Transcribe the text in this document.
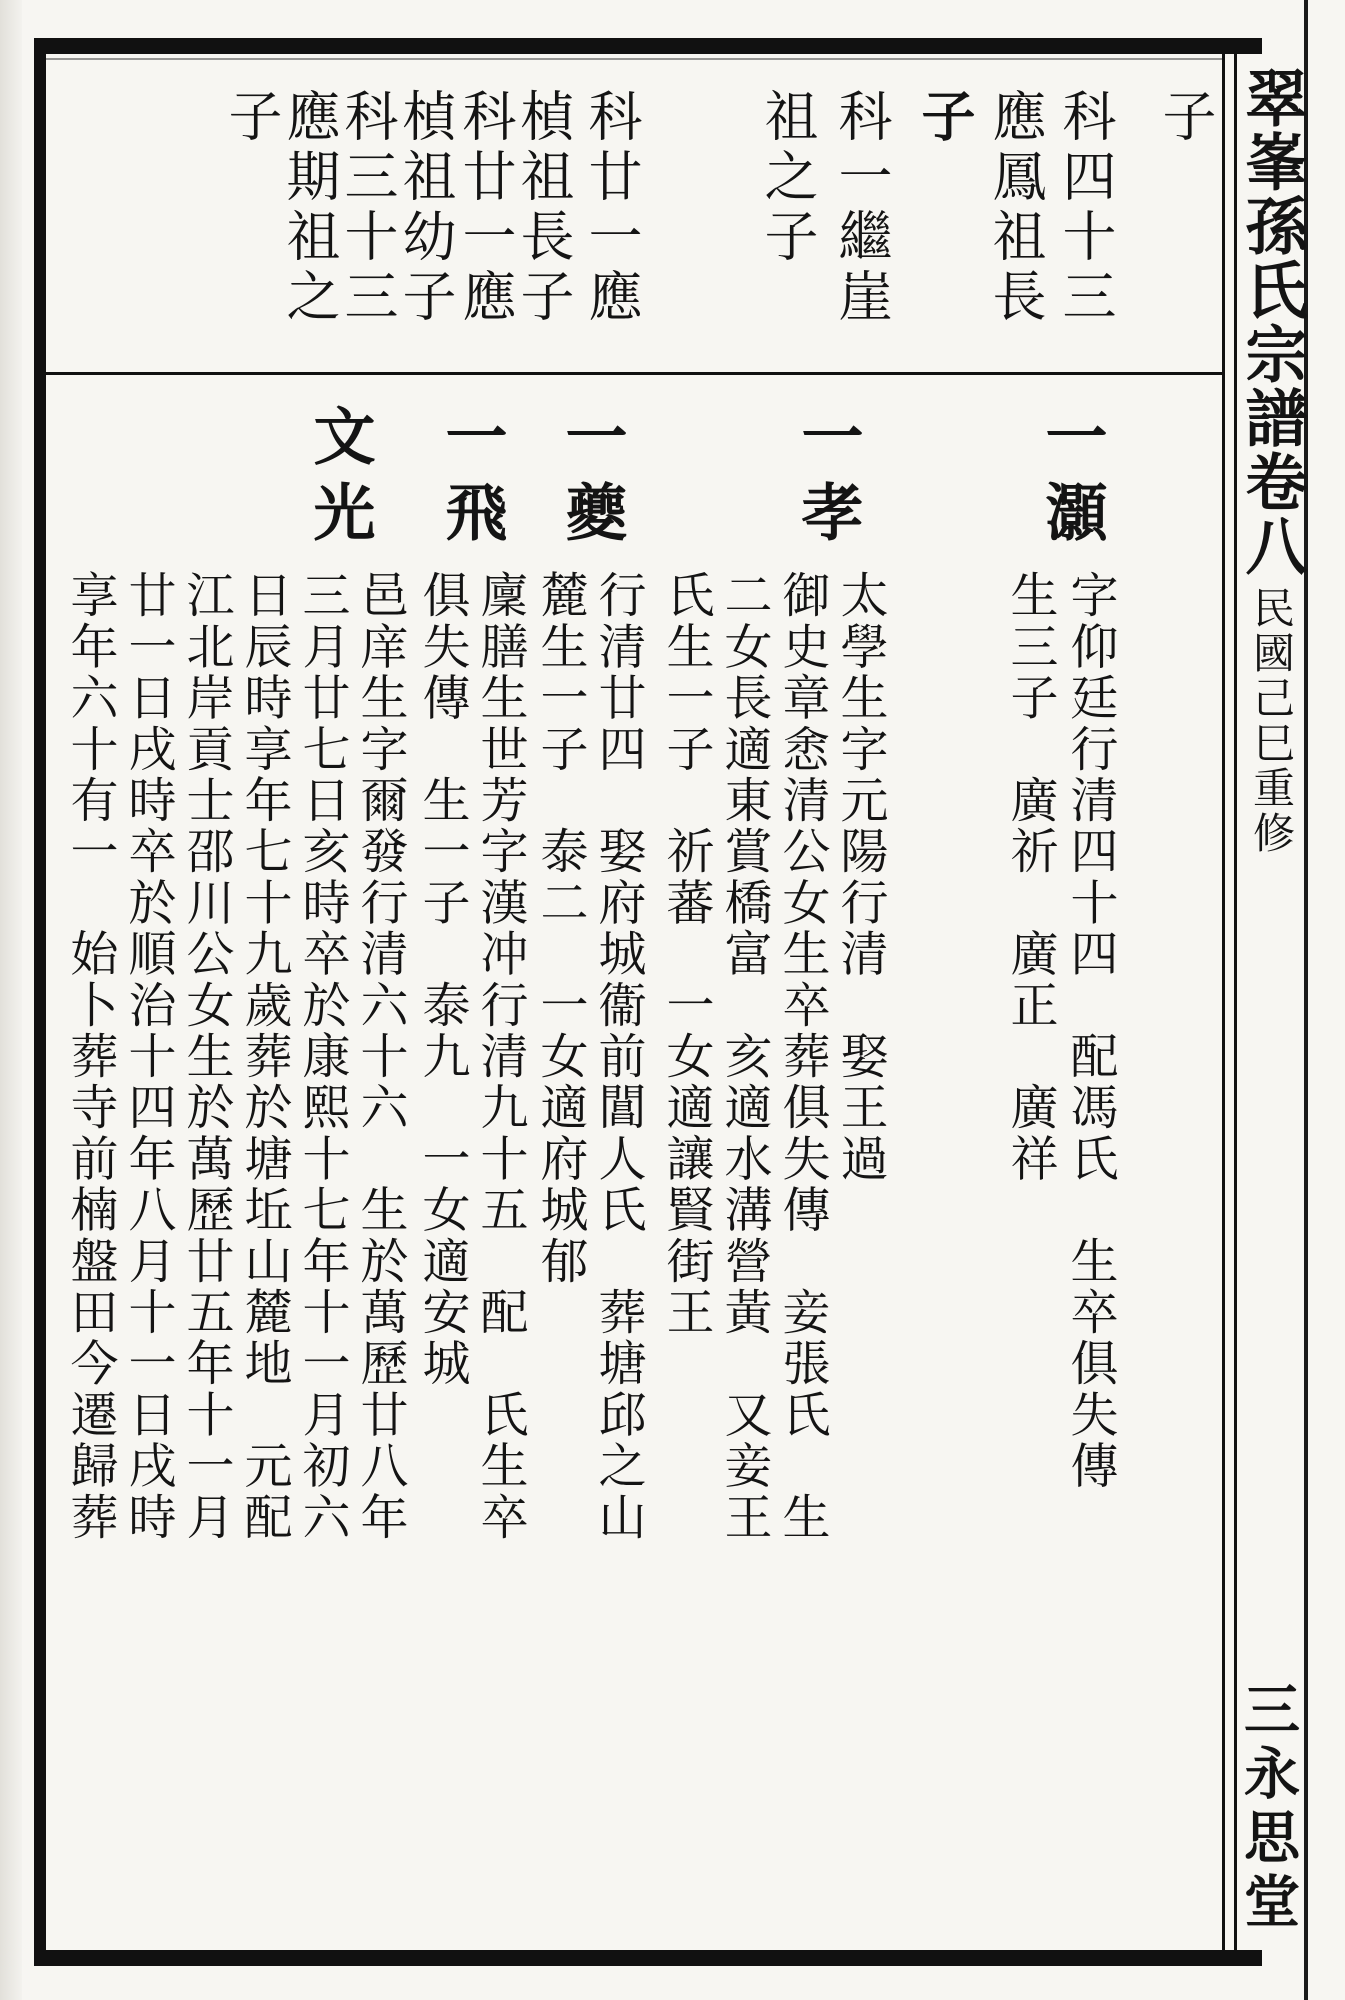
翠峯孫氏宗譜卷八民國己巳重修
三永思堂
子
科四十三
應鳳祖長
子
科一繼崖
祖之子
科廿一應
楨祖長子
科廿一應
楨祖幼子
科三十三
應期祖之
子
一灝
字仰廷行清四十四　配馮氏　生卒俱失傳
生三子　廣祈　廣正　廣祥
一孝
太學生字元陽行清　娶王過
御史章悆清公女生卒葬俱失傳　妾張氏　生
二女長適東賞橋富　亥適水溝營黃　又妾王
氏生一子　祈蕃　一女適讓賢街王
一夔
行清廿四　娶府城衞前閶人氏　葬塘邱之山
麓生一子　泰二　一女適府城郁
一飛
廩膳生世芳字漢冲行清九十五　配　氏生卒
俱失傳　生一子　泰九　一女適安城
文光
邑庠生字爾發行清六十六　生於萬歷廿八年
三月廿七日亥時卒於康熙十七年十一月初六
日辰時享年七十九歲葬於塘坵山麓地　元配
江北岸貢士邵川公女生於萬歷廿五年十一月
廿一日戌時卒於順治十四年八月十一日戌時
享年六十有一　始卜葬寺前楠盤田今遷歸葬
